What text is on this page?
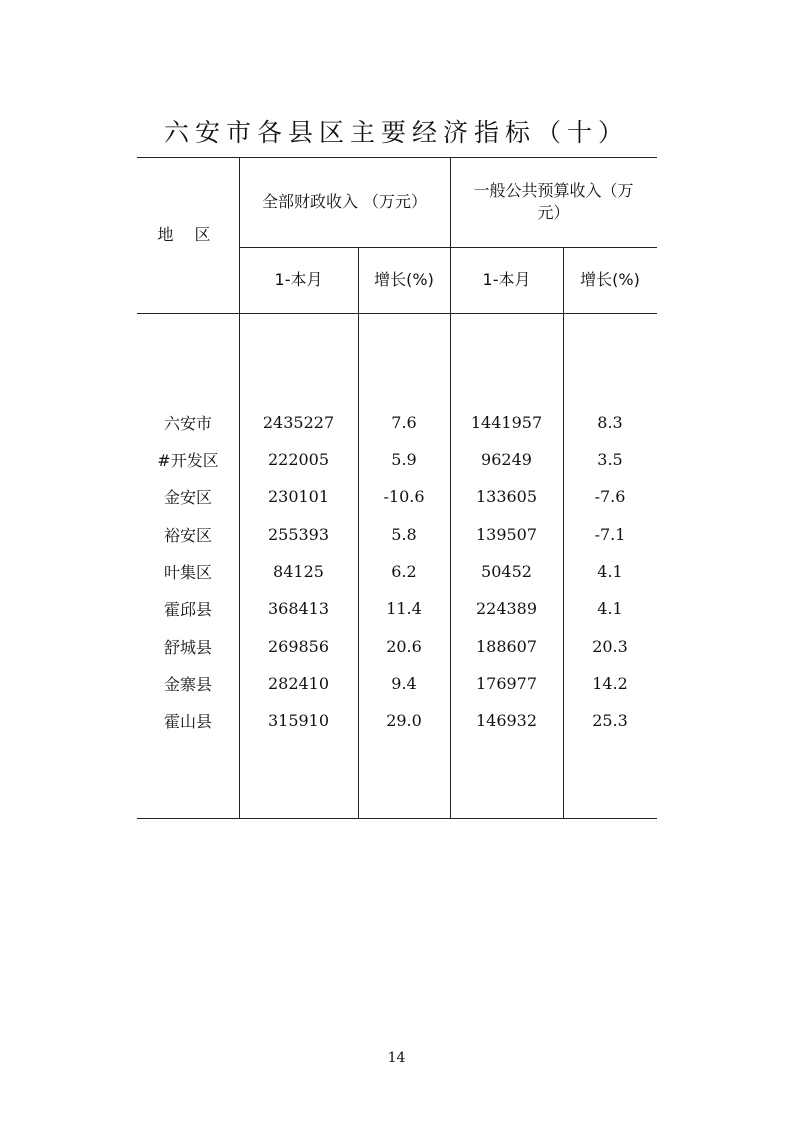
六安市各县区主要经济指标（十）
地 区
全部财政收入 （万元）
一般公共预算收入（万
元）
1-本月	增长(%)	1-本月	增长(%)
六安市	2435227	7.6	1441957	8.3
#开发区	222005	5.9	96249	3.5
金安区	230101	-10.6	133605	-7.6
裕安区	255393	5.8	139507	-7.1
叶集区	84125	6.2	50452	4.1
霍邱县	368413	11.4	224389	4.1
舒城县	269856	20.6	188607	20.3
金寨县	282410	9.4	176977	14.2
霍山县	315910	29.0	146932	25.3
14
